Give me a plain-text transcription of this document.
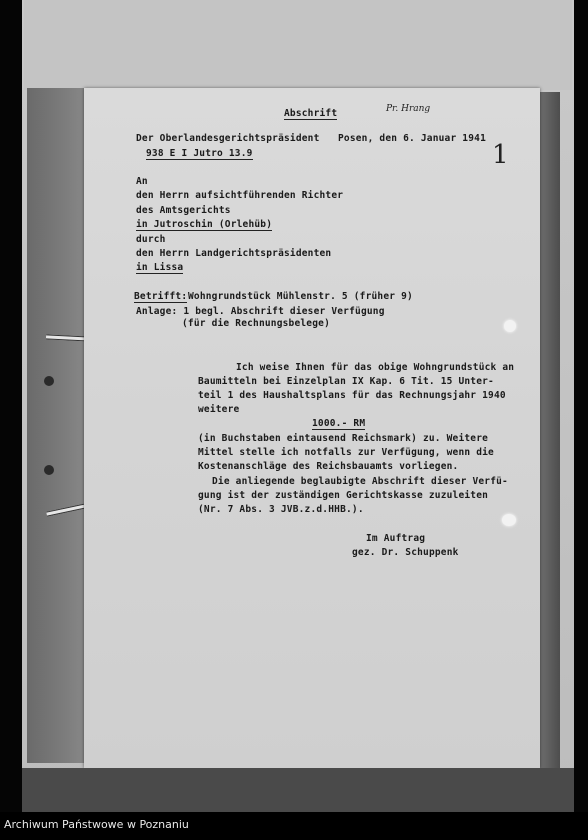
Abschrift	Pr. Hrang
1
Der Oberlandesgerichtspräsident Posen, den 6. Januar 1941
938 E I Jutro 13.9
An
den Herrn aufsichtführenden Richter
des Amtsgerichts
in Jutroschin (Orlehüb)
durch
den Herrn Landgerichtspräsidenten
in Lissa
Betrifft: Wohngrundstück Mühlenstr. 5 (früher 9)
Anlage: 1 begl. Abschrift dieser Verfügung
(für die Rechnungsbelege)
Ich weise Ihnen für das obige Wohngrundstück an
Baumitteln bei Einzelplan IX Kap. 6 Tit. 15 Unter-
teil 1 des Haushaltsplans für das Rechnungsjahr 1940
weitere
1000.- RM
(in Buchstaben eintausend Reichsmark) zu. Weitere
Mittel stelle ich notfalls zur Verfügung, wenn die
Kostenanschläge des Reichsbauamts vorliegen.
Die anliegende beglaubigte Abschrift dieser Verfü-
gung ist der zuständigen Gerichtskasse zuzuleiten
(Nr. 7 Abs. 3 JVB.z.d.HHB.).
Im Auftrag
gez. Dr. Schuppenk
Archiwum Państwowe w Poznaniu
